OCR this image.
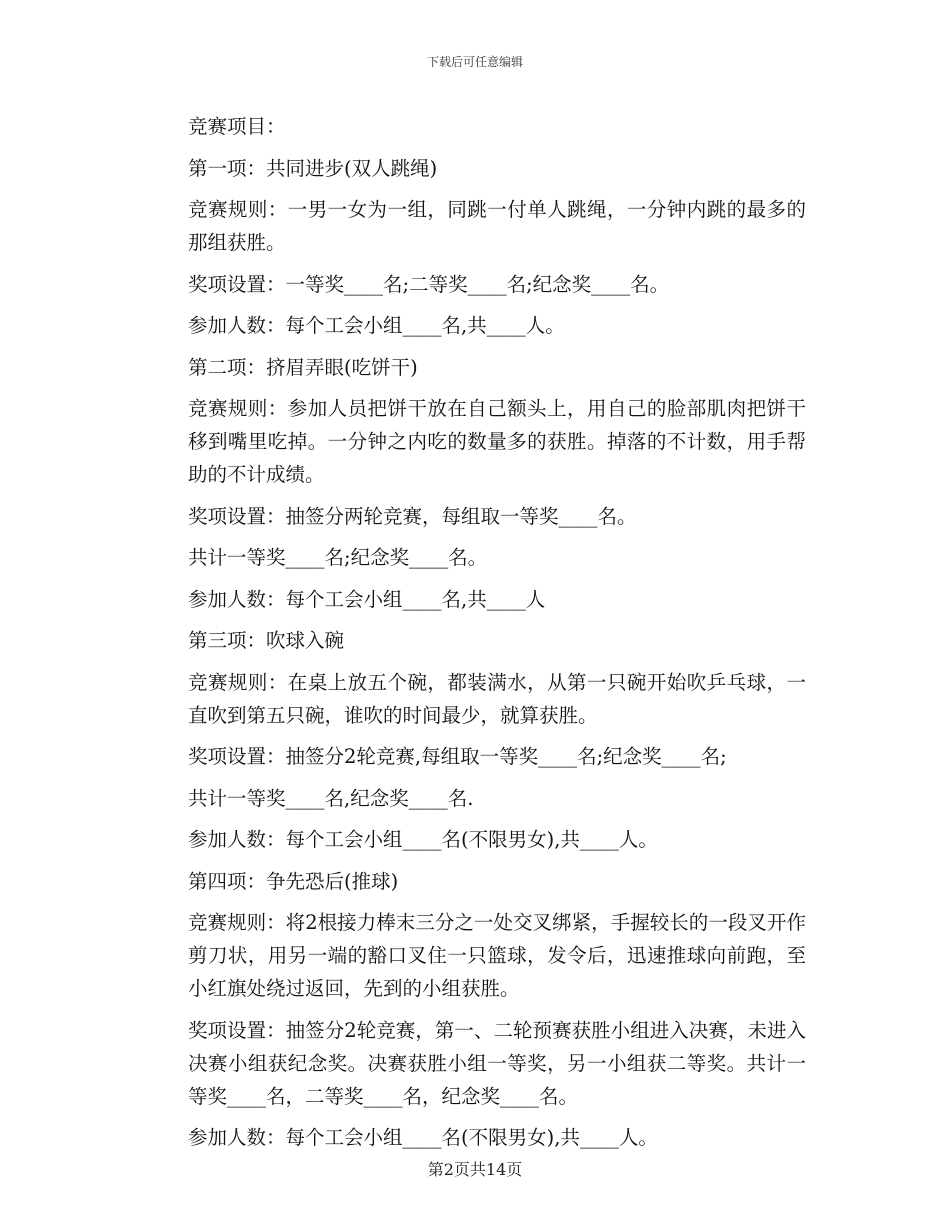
下载后可任意编辑

竞赛项目：

第一项：共同进步(双人跳绳)

竞赛规则：一男一女为一组，同跳一付单人跳绳，一分钟内跳的最多的那组获胜。

奖项设置：一等奖____名;二等奖____名;纪念奖____名。

参加人数：每个工会小组____名,共____人。

第二项：挤眉弄眼(吃饼干)

竞赛规则：参加人员把饼干放在自己额头上，用自己的脸部肌肉把饼干移到嘴里吃掉。一分钟之内吃的数量多的获胜。掉落的不计数，用手帮助的不计成绩。

奖项设置：抽签分两轮竞赛，每组取一等奖____名。

共计一等奖____名;纪念奖____名。

参加人数：每个工会小组____名,共____人

第三项：吹球入碗

竞赛规则：在桌上放五个碗，都装满水，从第一只碗开始吹乒乓球，一直吹到第五只碗，谁吹的时间最少，就算获胜。

奖项设置：抽签分2轮竞赛,每组取一等奖____名;纪念奖____名;

共计一等奖____名,纪念奖____名.

参加人数：每个工会小组____名(不限男女),共____人。

第四项：争先恐后(推球)

竞赛规则：将2根接力棒末三分之一处交叉绑紧，手握较长的一段叉开作剪刀状，用另一端的豁口叉住一只篮球，发令后，迅速推球向前跑，至小红旗处绕过返回，先到的小组获胜。

奖项设置：抽签分2轮竞赛，第一、二轮预赛获胜小组进入决赛，未进入决赛小组获纪念奖。决赛获胜小组一等奖，另一小组获二等奖。共计一等奖____名，二等奖____名，纪念奖____名。

参加人数：每个工会小组____名(不限男女),共____人。

第2页共14页
